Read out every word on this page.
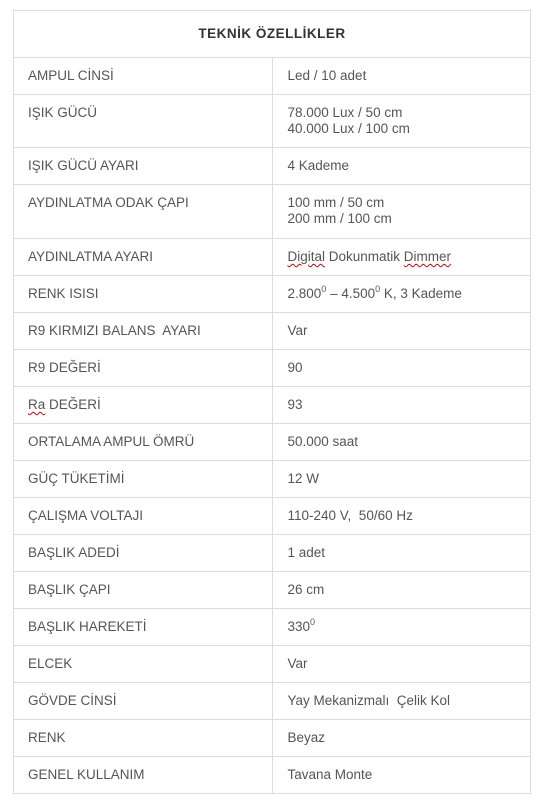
TEKNİK ÖZELLİKLER	

AMPUL CİNSİ	Led / 10 adet

IŞIK GÜCÜ	78.000 Lux / 50 cm
40.000 Lux / 100 cm

IŞIK GÜCÜ AYARI	4 Kademe

AYDINLATMA ODAK ÇAPI	100 mm / 50 cm
200 mm / 100 cm

AYDINLATMA AYARI	Digital Dokunmatik Dimmer

RENK ISISI	2.800$^0$ – 4.500$^0$ K, 3 Kademe

R9 KIRMIZI BALANS  AYARI	Var

R9 DEĞERİ	90

Ra DEĞERİ	93

ORTALAMA AMPUL ÖMRÜ	50.000 saat

GÜÇ TÜKETİMİ	12 W

ÇALIŞMA VOLTAJI	110-240 V,  50/60 Hz

BAŞLIK ADEDİ	1 adet

BAŞLIK ÇAPI	26 cm

BAŞLIK HAREKETİ	$330^0$

ELCEK	Var

GÖVDE CİNSİ	Yay Mekanizmalı  Çelik Kol

RENK	Beyaz

GENEL KULLANIM	Tavana Monte
